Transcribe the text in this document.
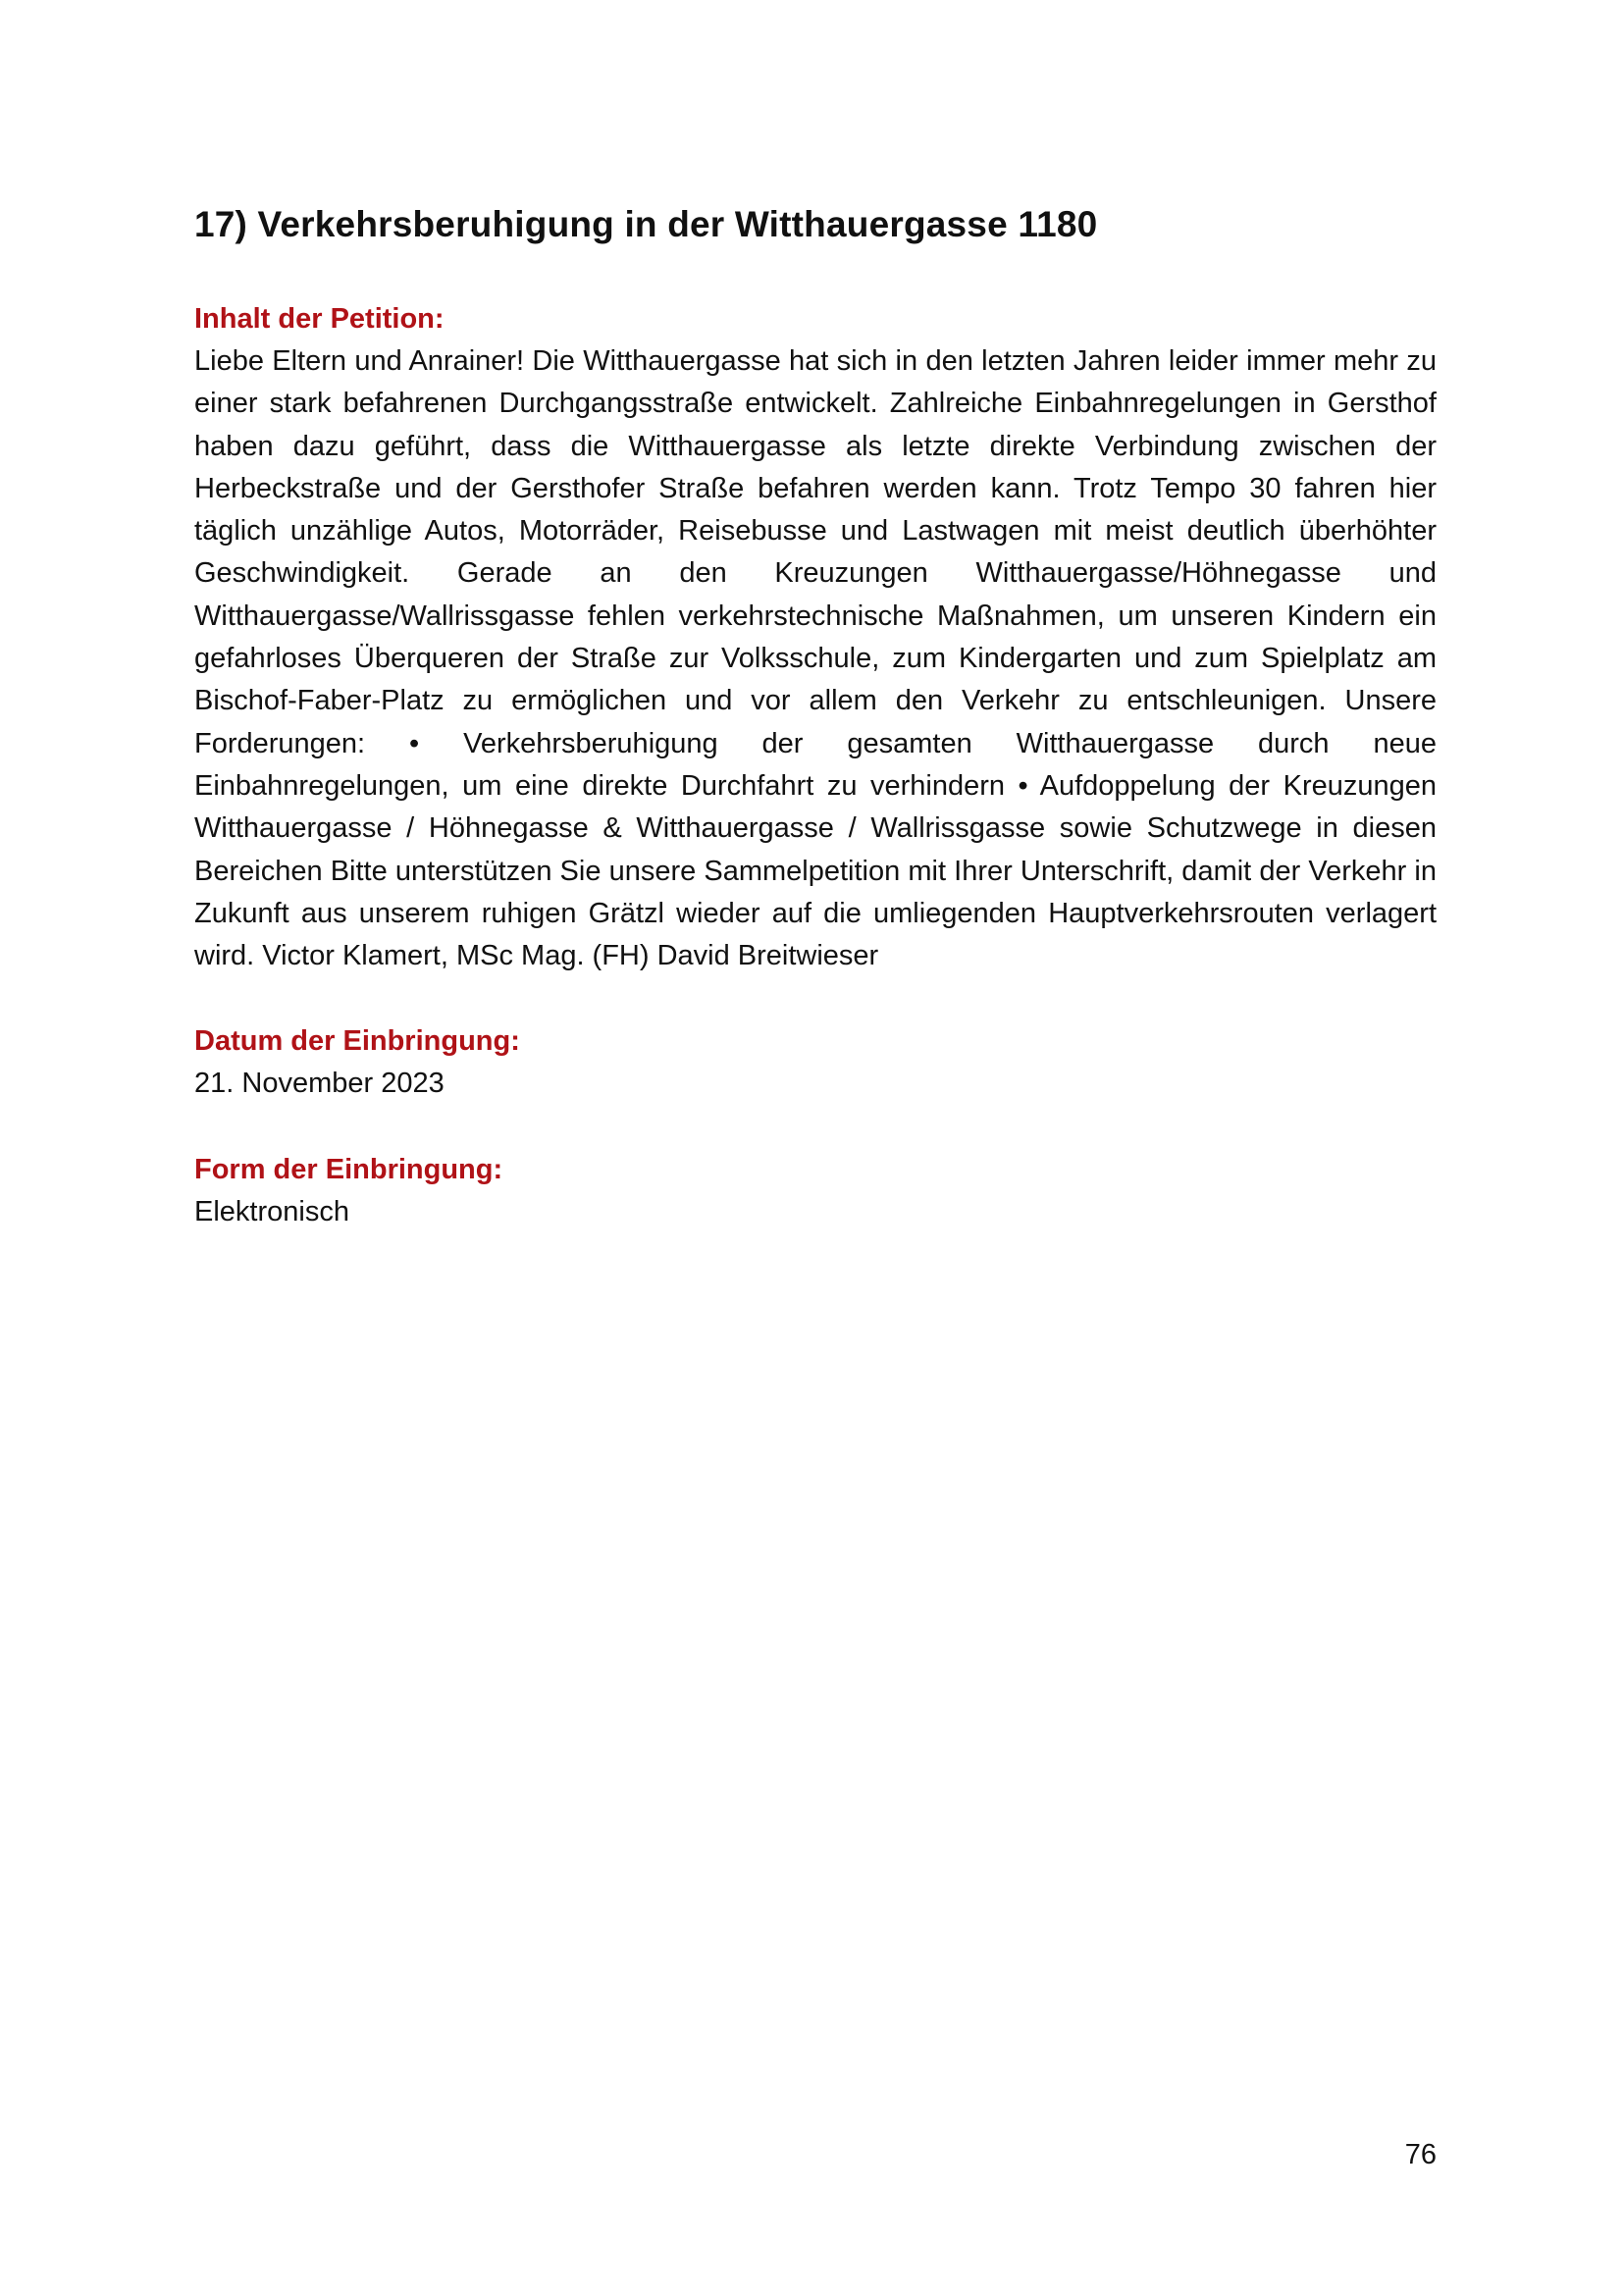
17) Verkehrsberuhigung in der Witthauergasse 1180
Inhalt der Petition:

Liebe Eltern und Anrainer! Die Witthauergasse hat sich in den letzten Jahren leider immer mehr zu einer stark befahrenen Durchgangsstraße entwickelt. Zahlreiche Einbahnregelungen in Gersthof haben dazu geführt, dass die Witthauergasse als letzte direkte Verbindung zwischen der Herbeckstraße und der Gersthofer Straße befahren werden kann. Trotz Tempo 30 fahren hier täglich unzählige Autos, Motorräder, Reisebusse und Lastwagen mit meist deutlich überhöhter Geschwindigkeit. Gerade an den Kreuzungen Witthauergasse/Höhnegasse und Witthauergasse/Wallrissgasse fehlen verkehrstechnische Maßnahmen, um unseren Kindern ein gefahrloses Überqueren der Straße zur Volksschule, zum Kindergarten und zum Spielplatz am Bischof-Faber-Platz zu ermöglichen und vor allem den Verkehr zu entschleunigen. Unsere Forderungen: • Verkehrsberuhigung der gesamten Witthauergasse durch neue Einbahnregelungen, um eine direkte Durchfahrt zu verhindern • Aufdoppelung der Kreuzungen Witthauergasse / Höhnegasse & Witthauergasse / Wallrissgasse sowie Schutzwege in diesen Bereichen Bitte unterstützen Sie unsere Sammelpetition mit Ihrer Unterschrift, damit der Verkehr in Zukunft aus unserem ruhigen Grätzl wieder auf die umliegenden Hauptverkehrsrouten verlagert wird. Victor Klamert, MSc Mag. (FH) David Breitwieser

Datum der Einbringung:

21. November 2023

Form der Einbringung:

Elektronisch

76
